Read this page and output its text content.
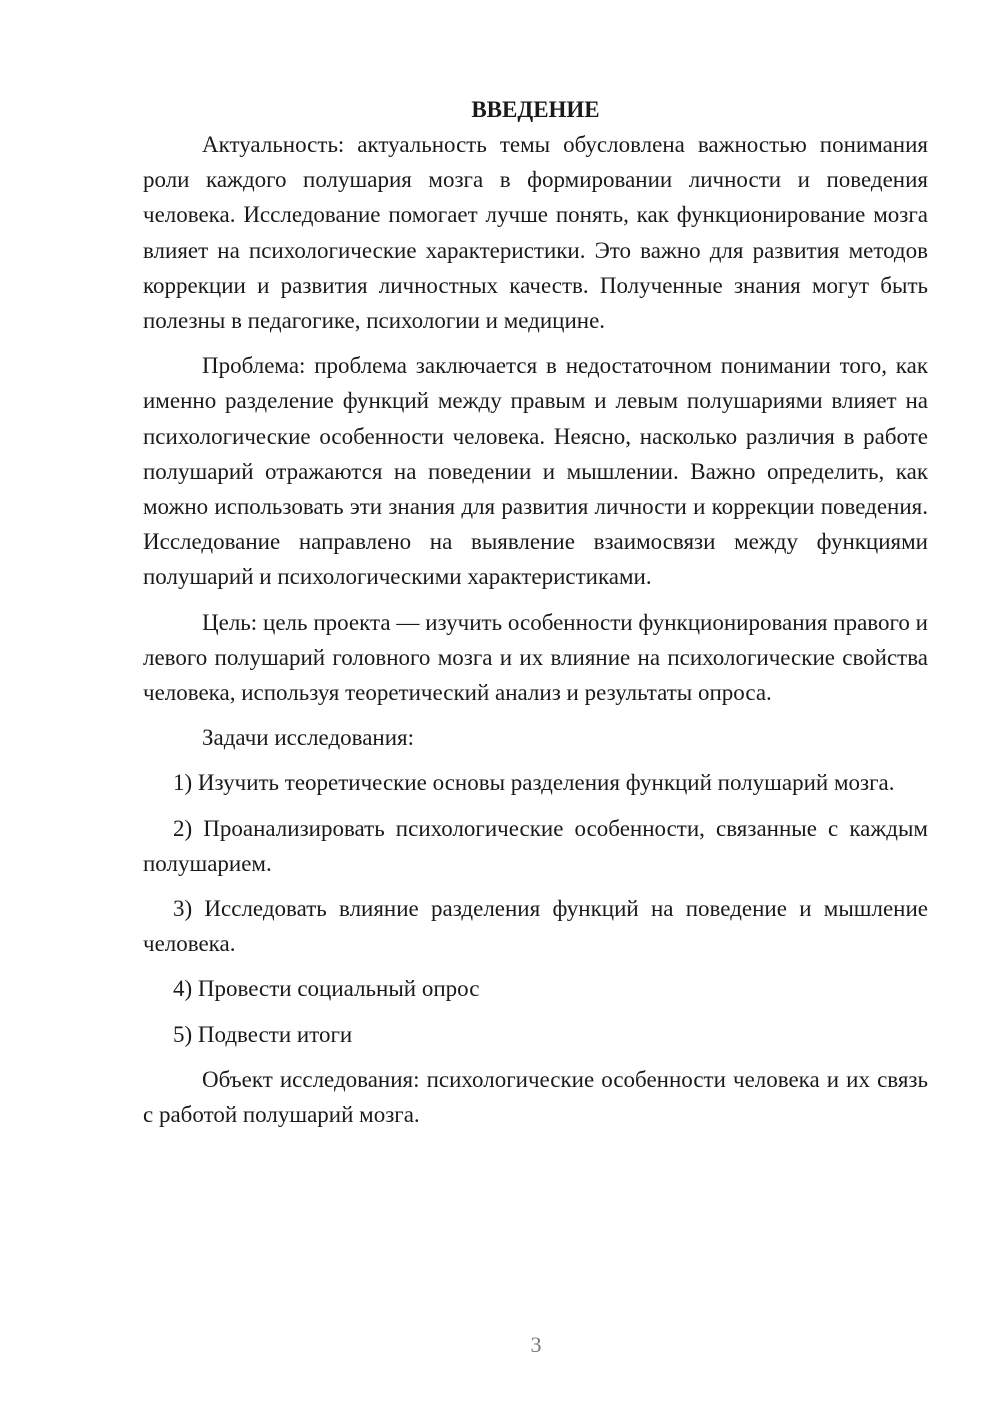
ВВЕДЕНИЕ

Актуальность: актуальность темы обусловлена важностью понимания роли каждого полушария мозга в формировании личности и поведения человека. Исследование помогает лучше понять, как функционирование мозга влияет на психологические характеристики. Это важно для развития методов коррекции и развития личностных качеств. Полученные знания могут быть полезны в педагогике, психологии и медицине.

Проблема: проблема заключается в недостаточном понимании того, как именно разделение функций между правым и левым полушариями влияет на психологические особенности человека. Неясно, насколько различия в работе полушарий отражаются на поведении и мышлении. Важно определить, как можно использовать эти знания для развития личности и коррекции поведения. Исследование направлено на выявление взаимосвязи между функциями полушарий и психологическими характеристиками.

Цель: цель проекта — изучить особенности функционирования правого и левого полушарий головного мозга и их влияние на психологические свойства человека, используя теоретический анализ и результаты опроса.

Задачи исследования:

1) Изучить теоретические основы разделения функций полушарий мозга.

2) Проанализировать психологические особенности, связанные с каждым полушарием.

3) Исследовать влияние разделения функций на поведение и мышление человека.

4) Провести социальный опрос

5) Подвести итоги

Объект исследования: психологические особенности человека и их связь с работой полушарий мозга.

3
